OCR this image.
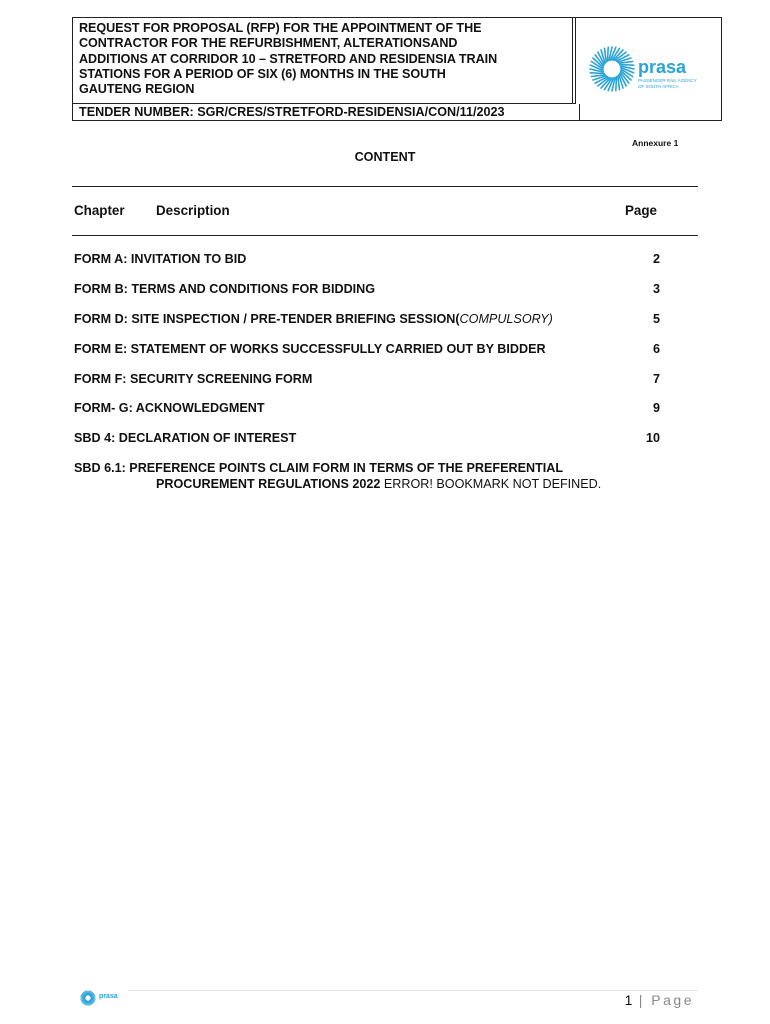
REQUEST FOR PROPOSAL (RFP) FOR THE APPOINTMENT OF THE
CONTRACTOR FOR THE REFURBISHMENT, ALTERATIONSAND
ADDITIONS AT CORRIDOR 10 – STRETFORD AND RESIDENSIA TRAIN
STATIONS FOR A PERIOD OF SIX (6) MONTHS IN THE SOUTH
GAUTENG REGION
TENDER NUMBER: SGR/CRES/STRETFORD-RESIDENSIA/CON/11/2023
prasa
PASSENGER RAIL AGENCY OF SOUTH AFRICA
Annexure 1
CONTENT
Chapter Description	Page
FORM A: INVITATION TO BID	2
FORM B: TERMS AND CONDITIONS FOR BIDDING	3
FORM D: SITE INSPECTION / PRE-TENDER BRIEFING SESSION(COMPULSORY)	5
FORM E: STATEMENT OF WORKS SUCCESSFULLY CARRIED OUT BY BIDDER	6
FORM F: SECURITY SCREENING FORM	7
FORM- G: ACKNOWLEDGMENT	9
SBD 4: DECLARATION OF INTEREST	10
SBD 6.1: PREFERENCE POINTS CLAIM FORM IN TERMS OF THE PREFERENTIAL
PROCUREMENT REGULATIONS 2022 ERROR! BOOKMARK NOT DEFINED.
prasa	1 | Page
